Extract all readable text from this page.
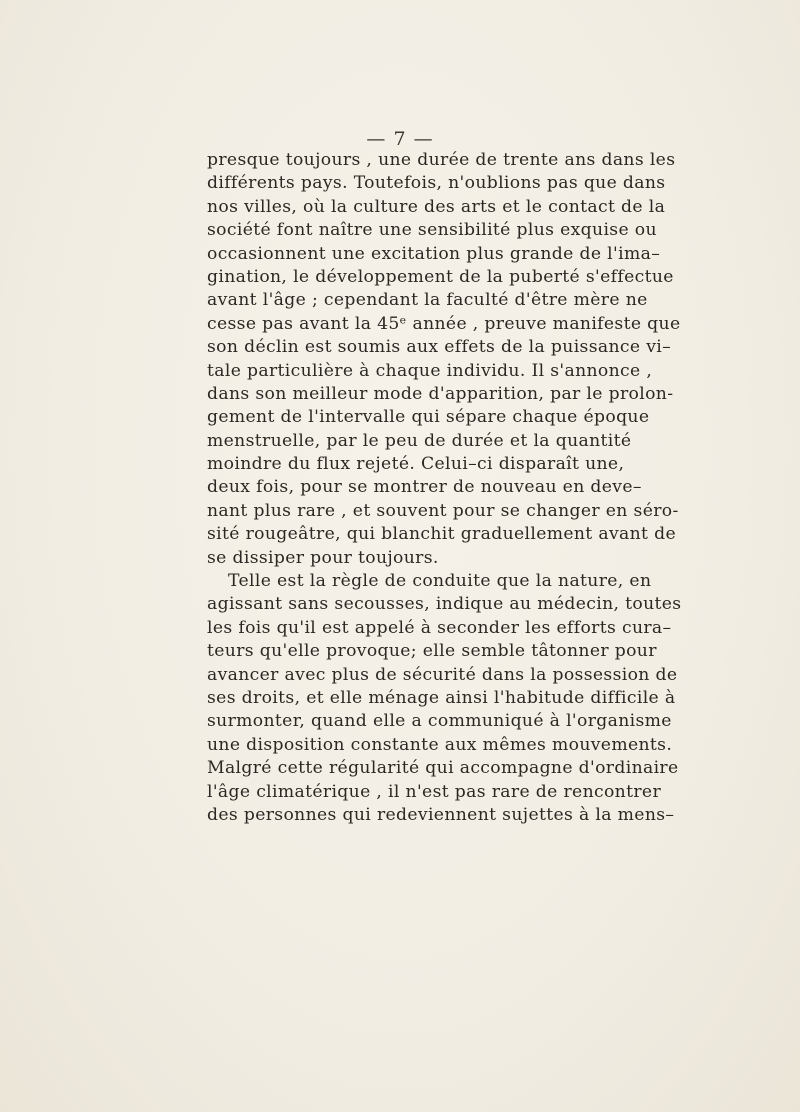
— 7 —
presque toujours , une durée de trente ans dans les
différents pays. Toutefois, n'oublions pas que dans
nos villes, où la culture des arts et le contact de la
société font naître une sensibilité plus exquise ou
occasionnent une excitation plus grande de l'ima–
gination, le développement de la puberté s'effectue
avant l'âge ; cependant la faculté d'être mère ne
cesse pas avant la 45ᵉ année , preuve manifeste que
son déclin est soumis aux effets de la puissance vi–
tale particulière à chaque individu. Il s'annonce ,
dans son meilleur mode d'apparition, par le prolon-
gement de l'intervalle qui sépare chaque époque
menstruelle, par le peu de durée et la quantité
moindre du flux rejeté. Celui–ci disparaît une,
deux fois, pour se montrer de nouveau en deve–
nant plus rare , et souvent pour se changer en séro-
sité rougeâtre, qui blanchit graduellement avant de
se dissiper pour toujours.
Telle est la règle de conduite que la nature, en
agissant sans secousses, indique au médecin, toutes
les fois qu'il est appelé à seconder les efforts cura–
teurs qu'elle provoque; elle semble tâtonner pour
avancer avec plus de sécurité dans la possession de
ses droits, et elle ménage ainsi l'habitude difficile à
surmonter, quand elle a communiqué à l'organisme
une disposition constante aux mêmes mouvements.
Malgré cette régularité qui accompagne d'ordinaire
l'âge climatérique , il n'est pas rare de rencontrer
des personnes qui redeviennent sujettes à la mens–
